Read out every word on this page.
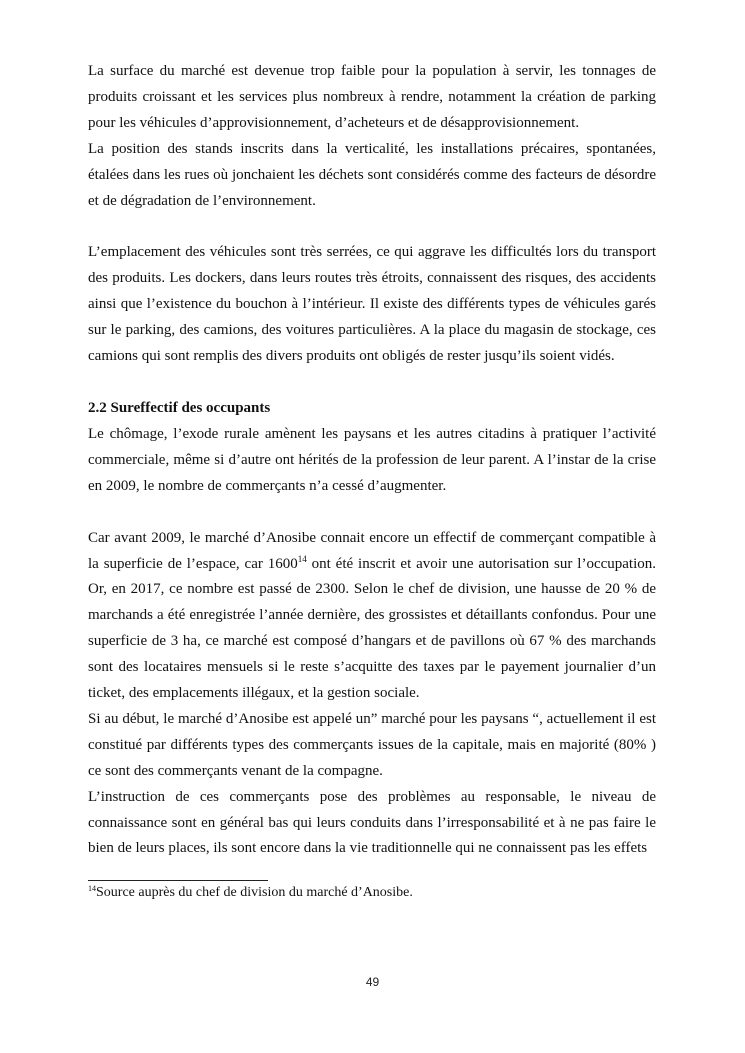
La surface du marché est devenue trop faible pour la population à servir, les tonnages de produits croissant et les services plus nombreux à rendre, notamment la création de parking pour les véhicules d’approvisionnement, d’acheteurs et de désapprovisionnement.

La position des stands inscrits dans la verticalité, les installations précaires, spontanées, étalées dans les rues où jonchaient les déchets sont considérés comme des facteurs de désordre et de dégradation de l’environnement.

L’emplacement des véhicules sont très serrées, ce qui aggrave les difficultés lors du transport des produits. Les dockers, dans leurs routes très étroits, connaissent des risques, des accidents ainsi que l’existence du bouchon à l’intérieur. Il existe des différents types de véhicules garés sur le parking, des camions, des voitures particulières. A la place du magasin de stockage, ces camions qui sont remplis des divers produits ont obligés de rester jusqu’ils soient vidés.

2.2 Sureffectif des occupants

Le chômage, l’exode rurale amènent les paysans et les autres citadins à pratiquer l’activité commerciale, même si d’autre ont hérités de la profession de leur parent. A l’instar de la crise en 2009, le nombre de commerçants n’a cessé d’augmenter.

Car avant 2009, le marché d’Anosibe connait encore un effectif de commerçant compatible à la superficie de l’espace, car 1600$^{14}$ ont été inscrit et avoir une autorisation sur l’occupation. Or, en 2017, ce nombre est passé de 2300. Selon le chef de division, une hausse de 20 % de marchands a été enregistrée l’année dernière, des grossistes et détaillants confondus. Pour une superficie de 3 ha, ce marché est composé d’hangars et de pavillons où 67 % des marchands sont des locataires mensuels si le reste s’acquitte des taxes par le payement journalier d’un ticket, des emplacements illégaux, et la gestion sociale.

Si au début, le marché d’Anosibe est appelé un” marché pour les paysans “, actuellement il est constitué par différents types des commerçants issues de la capitale, mais en majorité (80% ) ce sont des commerçants venant de la compagne.

L’instruction de ces commerçants pose des problèmes au responsable, le niveau de connaissance sont en général bas qui leurs conduits dans l’irresponsabilité et à ne pas faire le bien de leurs places, ils sont encore dans la vie traditionnelle qui ne connaissent pas les effets

$^{14}$Source auprès du chef de division du marché d’Anosibe.
49
